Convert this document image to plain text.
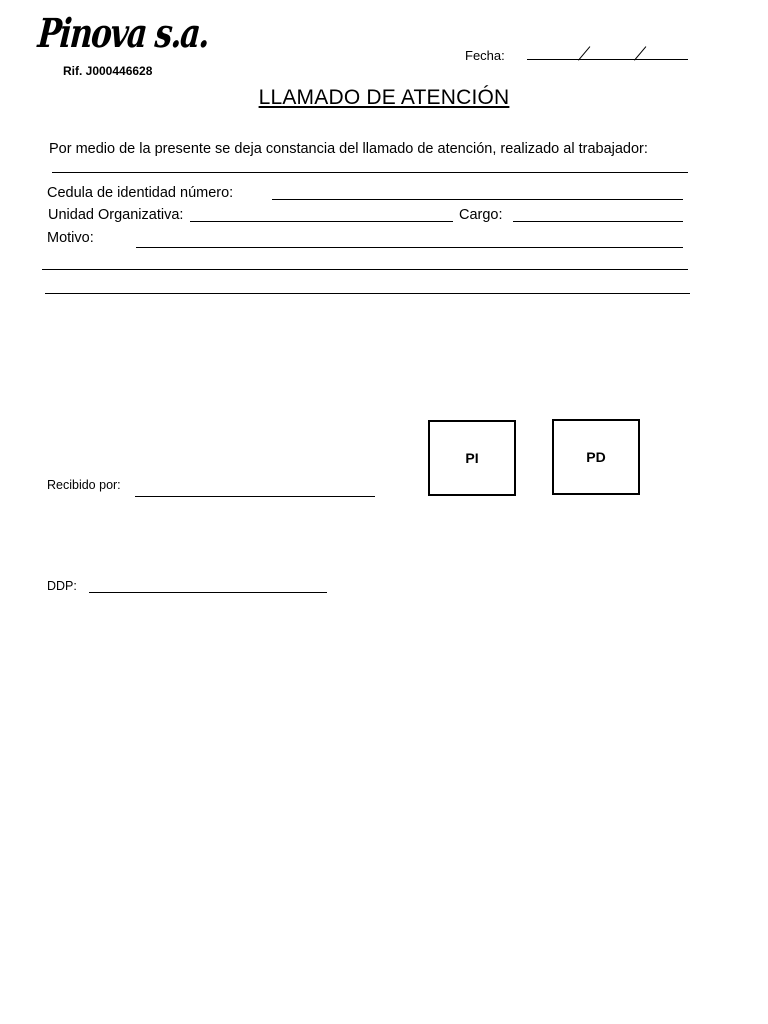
Pinova s.a.
Rif. J000446628
Fecha:
LLAMADO DE ATENCIÓN
Por medio de la presente se deja constancia del llamado de atención, realizado al trabajador:
Cedula de identidad número:
Unidad Organizativa:	Cargo:
Motivo:
PI	PD
Recibido por:
DDP:
